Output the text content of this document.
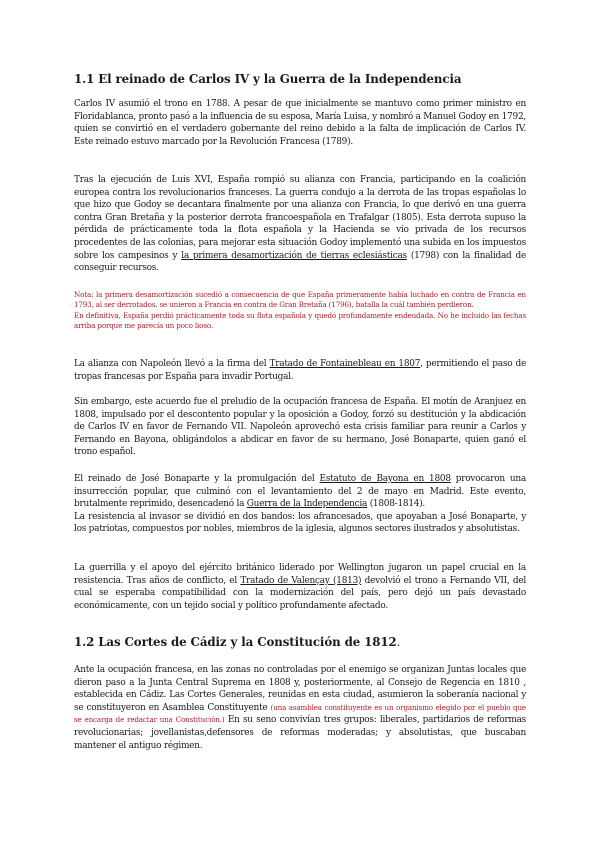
1.1 El reinado de Carlos IV y la Guerra de la Independencia

Carlos IV asumió el trono en 1788. A pesar de que inicialmente se mantuvo como primer ministro en Floridablanca, pronto pasó a la influencia de su esposa, María Luisa, y nombró a Manuel Godoy en 1792, quien se convirtió en el verdadero gobernante del reino debido a la falta de implicación de Carlos IV. Este reinado estuvo marcado por la Revolución Francesa (1789).

Tras la ejecución de Luis XVI, España rompió su alianza con Francia, participando en la coalición europea contra los revolucionarios franceses. La guerra condujo a la derrota de las tropas españolas lo que hizo que Godoy se decantara finalmente por una alianza con Francia, lo que derivó en una guerra contra Gran Bretaña y la posterior derrota francoespañola en Trafalgar (1805). Esta derrota supuso la pérdida de prácticamente toda la flota española y la Hacienda se vio privada de los recursos procedentes de las colonias, para mejorar esta situación Godoy implementó una subida en los impuestos sobre los campesinos y la primera desamortización de tierras eclesiásticas (1798) con la finalidad de conseguir recursos.

Nota: la primera desamortización sucedió a consecuencia de que España primeramente había luchado en contra de Francia en 1793, al ser derrotados, se unieron a Francia en contra de Gran Bretaña (1796), batalla la cuál también perdieron.
En definitiva, España perdió prácticamente toda su flota española y quedó profundamente endeudada. No he incluido las fechas arriba porque me parecía un poco lioso.

La alianza con Napoleón llevó a la firma del Tratado de Fontainebleau en 1807, permitiendo el paso de tropas francesas por España para invadir Portugal.

Sin embargo, este acuerdo fue el preludio de la ocupación francesa de España. El motín de Aranjuez en 1808, impulsado por el descontento popular y la oposición a Godoy, forzó su destitución y la abdicación de Carlos IV en favor de Fernando VII. Napoleón aprovechó esta crisis familiar para reunir a Carlos y Fernando en Bayona, obligándolos a abdicar en favor de su hermano, José Bonaparte, quien ganó el trono español.

El reinado de José Bonaparte y la promulgación del Estatuto de Bayona en 1808 provocaron una insurrección popular, que culminó con el levantamiento del 2 de mayo en Madrid. Este evento, brutalmente reprimido, desencadenó la Guerra de la Independencia (1808-1814).
La resistencia al invasor se dividió en dos bandos: los afrancesados, que apoyaban a José Bonaparte, y los patriotas, compuestos por nobles, miembros de la iglesia, algunos sectores ilustrados y absolutistas.

La guerrilla y el apoyo del ejército británico liderado por Wellington jugaron un papel crucial en la resistencia. Tras años de conflicto, el Tratado de Valençay (1813) devolvió el trono a Fernando VII, del cual se esperaba compatibilidad con la modernización del país, pero dejó un país devastado económicamente, con un tejido social y político profundamente afectado.

1.2 Las Cortes de Cádiz y la Constitución de 1812.

Ante la ocupación francesa, en las zonas no controladas por el enemigo se organizan Juntas locales que dieron paso a la Junta Central Suprema en 1808 y, posteriormente, al Consejo de Regencia en 1810 , establecida en Cádiz. Las Cortes Generales, reunidas en esta ciudad, asumieron la soberanía nacional y se constituyeron en Asamblea Constituyente (una asamblea constituyente es un organismo elegido por el pueblo que se encarga de redactar una Constitución.) En su seno convivían tres grupos: liberales, partidarios de reformas revolucionarias; jovellanistas,defensores de reformas moderadas; y absolutistas, que buscaban mantener el antiguo régimen.
